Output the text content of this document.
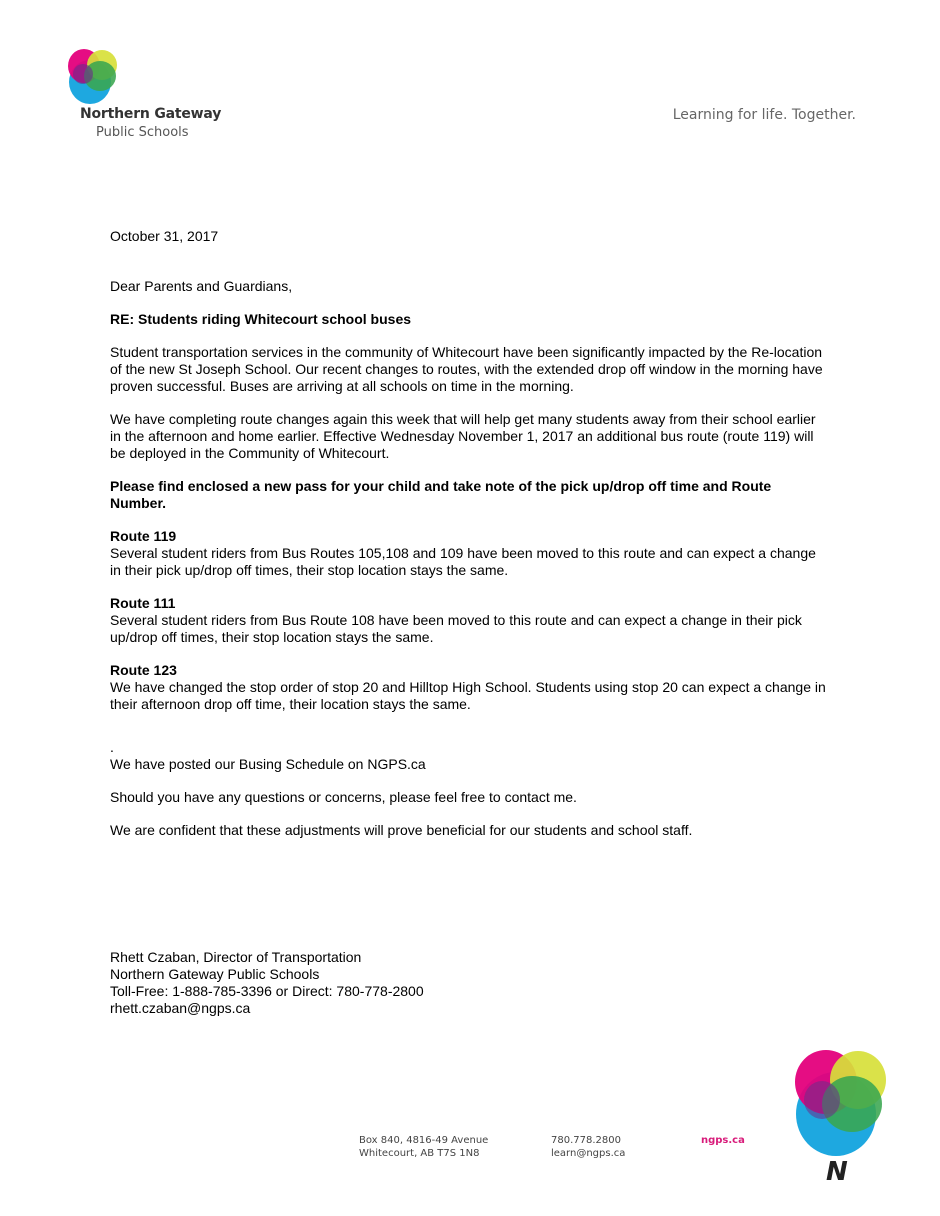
Northern Gateway
Public Schools
Learning for life. Together.

October 31, 2017

Dear Parents and Guardians,

RE: Students riding Whitecourt school buses

Student transportation services in the community of Whitecourt have been significantly impacted by the Re-location of the new St Joseph School. Our recent changes to routes, with the extended drop off window in the morning have proven successful. Buses are arriving at all schools on time in the morning.

We have completing route changes again this week that will help get many students away from their school earlier in the afternoon and home earlier. Effective Wednesday November 1, 2017 an additional bus route (route 119) will be deployed in the Community of Whitecourt.

Please find enclosed a new pass for your child and take note of the pick up/drop off time and Route Number.

Route 119

Several student riders from Bus Routes 105,108 and 109 have been moved to this route and can expect a change in their pick up/drop off times, their stop location stays the same.

Route 111

Several student riders from Bus Route 108 have been moved to this route and can expect a change in their pick up/drop off times, their stop location stays the same.

Route 123

We have changed the stop order of stop 20 and Hilltop High School. Students using stop 20 can expect a change in their afternoon drop off time, their location stays the same.

.

We have posted our Busing Schedule on NGPS.ca

Should you have any questions or concerns, please feel free to contact me.

We are confident that these adjustments will prove beneficial for our students and school staff.

Rhett Czaban, Director of Transportation
Northern Gateway Public Schools
Toll-Free: 1-888-785-3396 or Direct: 780-778-2800
rhett.czaban@ngps.ca
Box 840, 4816-49 Avenue
Whitecourt, AB T7S 1N8
780.778.2800
learn@ngps.ca
ngps.ca
N
